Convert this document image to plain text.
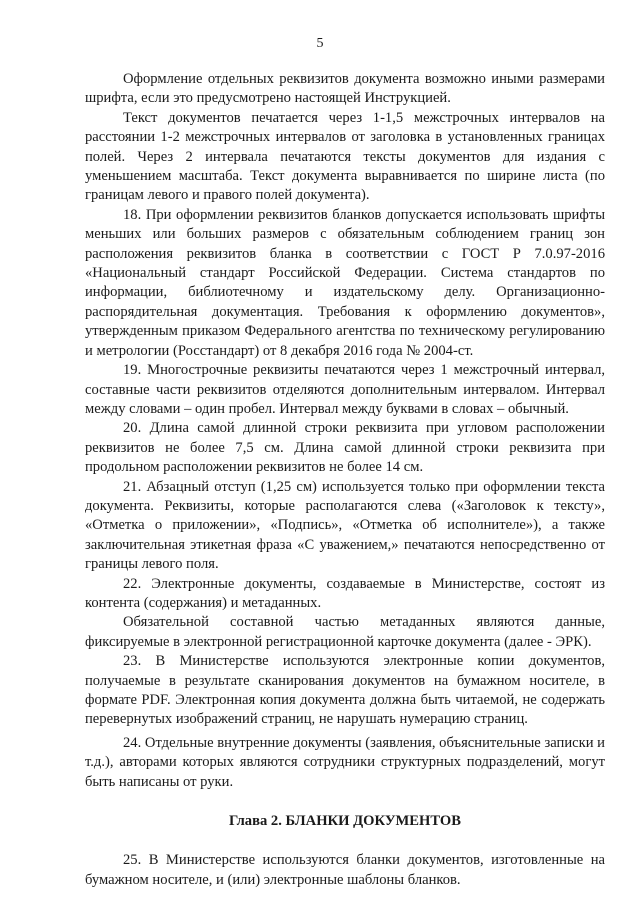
5

Оформление отдельных реквизитов документа возможно иными размерами шрифта, если это предусмотрено настоящей Инструкцией.

Текст документов печатается через 1-1,5 межстрочных интервалов на расстоянии 1-2 межстрочных интервалов от заголовка в установленных границах полей. Через 2 интервала печатаются тексты документов для издания с уменьшением масштаба. Текст документа выравнивается по ширине листа (по границам левого и правого полей документа).

18. При оформлении реквизитов бланков допускается использовать шрифты меньших или больших размеров с обязательным соблюдением границ зон расположения реквизитов бланка в соответствии с ГОСТ Р 7.0.97-2016 «Национальный стандарт Российской Федерации. Система стандартов по информации, библиотечному и издательскому делу. Организационно-распорядительная документация. Требования к оформлению документов», утвержденным приказом Федерального агентства по техническому регулированию и метрологии (Росстандарт) от 8 декабря 2016 года № 2004-ст.

19. Многострочные реквизиты печатаются через 1 межстрочный интервал, составные части реквизитов отделяются дополнительным интервалом. Интервал между словами – один пробел. Интервал между буквами в словах – обычный.

20. Длина самой длинной строки реквизита при угловом расположении реквизитов не более 7,5 см. Длина самой длинной строки реквизита при продольном расположении реквизитов не более 14 см.

21. Абзацный отступ (1,25 см) используется только при оформлении текста документа. Реквизиты, которые располагаются слева («Заголовок к тексту», «Отметка о приложении», «Подпись», «Отметка об исполнителе»), а также заключительная этикетная фраза «С уважением,» печатаются непосредственно от границы левого поля.

22. Электронные документы, создаваемые в Министерстве, состоят из контента (содержания) и метаданных.

Обязательной составной частью метаданных являются данные, фиксируемые в электронной регистрационной карточке документа (далее - ЭРК).

23. В Министерстве используются электронные копии документов, получаемые в результате сканирования документов на бумажном носителе, в формате PDF. Электронная копия документа должна быть читаемой, не содержать перевернутых изображений страниц, не нарушать нумерацию страниц.

24. Отдельные внутренние документы (заявления, объяснительные записки и т.д.), авторами которых являются сотрудники структурных подразделений, могут быть написаны от руки.

Глава 2. БЛАНКИ ДОКУМЕНТОВ

25. В Министерстве используются бланки документов, изготовленные на бумажном носителе, и (или) электронные шаблоны бланков.
